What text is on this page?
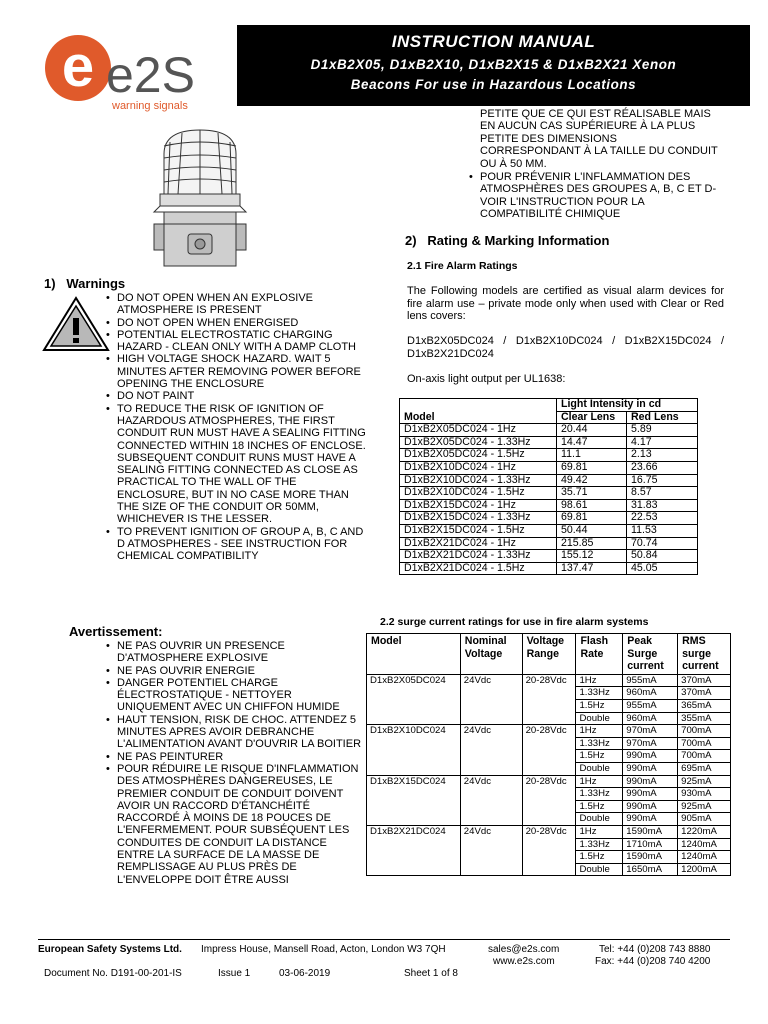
e e2S
warning signals
INSTRUCTION MANUAL
D1xB2X05, D1xB2X10, D1xB2X15 & D1xB2X21 Xenon
Beacons For use in Hazardous Locations
PETITE QUE CE QUI EST RÉALISABLE MAIS EN AUCUN CAS SUPÉRIEURE À LA PLUS PETITE DES DIMENSIONS CORRESPONDANT À LA TAILLE DU CONDUIT OU À 50 MM.
• POUR PRÉVENIR L'INFLAMMATION DES ATMOSPHÈRES DES GROUPES A, B, C ET D-VOIR L'INSTRUCTION POUR LA COMPATIBILITÉ CHIMIQUE
1)   Warnings
• DO NOT OPEN WHEN AN EXPLOSIVE ATMOSPHERE IS PRESENT
• DO NOT OPEN WHEN ENERGISED
• POTENTIAL ELECTROSTATIC CHARGING HAZARD - CLEAN ONLY WITH A DAMP CLOTH
• HIGH VOLTAGE SHOCK HAZARD. WAIT 5 MINUTES AFTER REMOVING POWER BEFORE OPENING THE ENCLOSURE
• DO NOT PAINT
• TO REDUCE THE RISK OF IGNITION OF HAZARDOUS ATMOSPHERES, THE FIRST CONDUIT RUN MUST HAVE A SEALING FITTING CONNECTED WITHIN 18 INCHES OF ENCLOSE. SUBSEQUENT CONDUIT RUNS MUST HAVE A SEALING FITTING CONNECTED AS CLOSE AS PRACTICAL TO THE WALL OF THE ENCLOSURE, BUT IN NO CASE MORE THAN THE SIZE OF THE CONDUIT OR 50MM, WHICHEVER IS THE LESSER.
• TO PREVENT IGNITION OF GROUP A, B, C AND D ATMOSPHERES - SEE INSTRUCTION FOR CHEMICAL COMPATIBILITY
Avertissement:
• NE PAS OUVRIR UN PRESENCE D'ATMOSPHERE EXPLOSIVE
• NE PAS OUVRIR ENERGIE
• DANGER POTENTIEL CHARGE ÉLECTROSTATIQUE - NETTOYER UNIQUEMENT AVEC UN CHIFFON HUMIDE
• HAUT TENSION, RISK DE CHOC. ATTENDEZ 5 MINUTES APRES AVOIR DEBRANCHE L'ALIMENTATION AVANT D'OUVRIR LA BOITIER
• NE PAS PEINTURER
• POUR RÉDUIRE LE RISQUE D'INFLAMMATION DES ATMOSPHÈRES DANGEREUSES, LE PREMIER CONDUIT DE CONDUIT DOIVENT AVOIR UN RACCORD D'ÉTANCHÉITÉ RACCORDÉ À MOINS DE 18 POUCES DE L'ENFERMEMENT. POUR SUBSÉQUENT LES CONDUITES DE CONDUIT LA DISTANCE ENTRE LA SURFACE DE LA MASSE DE REMPLISSAGE AU PLUS PRÈS DE L'ENVELOPPE DOIT ÊTRE AUSSI
2)   Rating & Marking Information
2.1 Fire Alarm Ratings
The Following models are certified as visual alarm devices for fire alarm use – private mode only when used with Clear or Red lens covers:
D1xB2X05DC024 / D1xB2X10DC024 / D1xB2X15DC024 / D1xB2X21DC024
On-axis light output per UL1638:
Model	Light Intensity in cd	
	Clear Lens	Red Lens
D1xB2X05DC024 - 1Hz	20.44	5.89
D1xB2X05DC024 - 1.33Hz	14.47	4.17
D1xB2X05DC024 - 1.5Hz	11.1	2.13
D1xB2X10DC024 - 1Hz	69.81	23.66
D1xB2X10DC024 - 1.33Hz	49.42	16.75
D1xB2X10DC024 - 1.5Hz	35.71	8.57
D1xB2X15DC024 - 1Hz	98.61	31.83
D1xB2X15DC024 - 1.33Hz	69.81	22.53
D1xB2X15DC024 - 1.5Hz	50.44	11.53
D1xB2X21DC024 - 1Hz	215.85	70.74
D1xB2X21DC024 - 1.33Hz	155.12	50.84
D1xB2X21DC024 - 1.5Hz	137.47	45.05
2.2 surge current ratings for use in fire alarm systems
Model	Nominal Voltage	Voltage Range	Flash Rate	Peak Surge current	RMS surge current
D1xB2X05DC024	24Vdc	20-28Vdc	1Hz	955mA	370mA
			1.33Hz	960mA	370mA
			1.5Hz	955mA	365mA
			Double	960mA	355mA
D1xB2X10DC024	24Vdc	20-28Vdc	1Hz	970mA	700mA
			1.33Hz	970mA	700mA
			1.5Hz	990mA	700mA
			Double	990mA	695mA
D1xB2X15DC024	24Vdc	20-28Vdc	1Hz	990mA	925mA
			1.33Hz	990mA	930mA
			1.5Hz	990mA	925mA
			Double	990mA	905mA
D1xB2X21DC024	24Vdc	20-28Vdc	1Hz	1590mA	1220mA
			1.33Hz	1710mA	1240mA
			1.5Hz	1590mA	1240mA
			Double	1650mA	1200mA
European Safety Systems Ltd. Impress House, Mansell Road, Acton, London W3 7QH	sales@e2s.com
www.e2s.com
Tel: +44 (0)208 743 8880
Fax: +44 (0)208 740 4200
Document No. D191-00-201-IS	Issue 1	03-06-2019	Sheet 1 of 8
